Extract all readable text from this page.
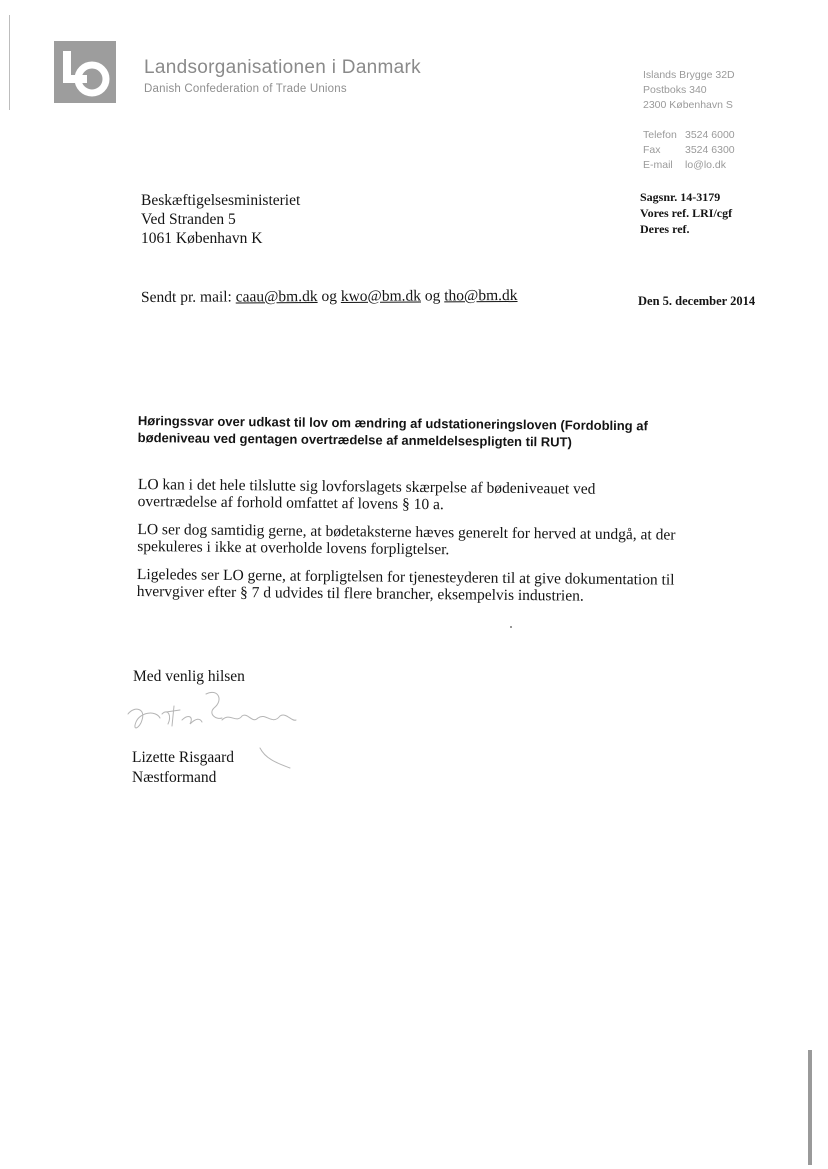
Landsorganisationen i Danmark
Danish Confederation of Trade Unions
Islands Brygge 32D
Postboks 340
2300 København S
Telefon 3524 6000
Fax 3524 6300
E-mail lo@lo.dk
Beskæftigelsesministeriet
Ved Stranden 5
1061 København K
Sagsnr. 14-3179
Vores ref. LRI/cgf
Deres ref.
Sendt pr. mail: caau@bm.dk og kwo@bm.dk og tho@bm.dk	Den 5. december 2014
Høringssvar over udkast til lov om ændring af udstationeringsloven (Fordobling af bødeniveau ved gentagen overtrædelse af anmeldelsespligten til RUT)

LO kan i det hele tilslutte sig lovforslagets skærpelse af bødeniveauet ved overtrædelse af forhold omfattet af lovens § 10 a.

LO ser dog samtidig gerne, at bødetaksterne hæves generelt for herved at undgå, at der spekuleres i ikke at overholde lovens forpligtelser.

Ligeledes ser LO gerne, at forpligtelsen for tjenesteyderen til at give dokumentation til hvervgiver efter § 7 d udvides til flere brancher, eksempelvis industrien.

Med venlig hilsen
Lizette Risgaard
Næstformand
